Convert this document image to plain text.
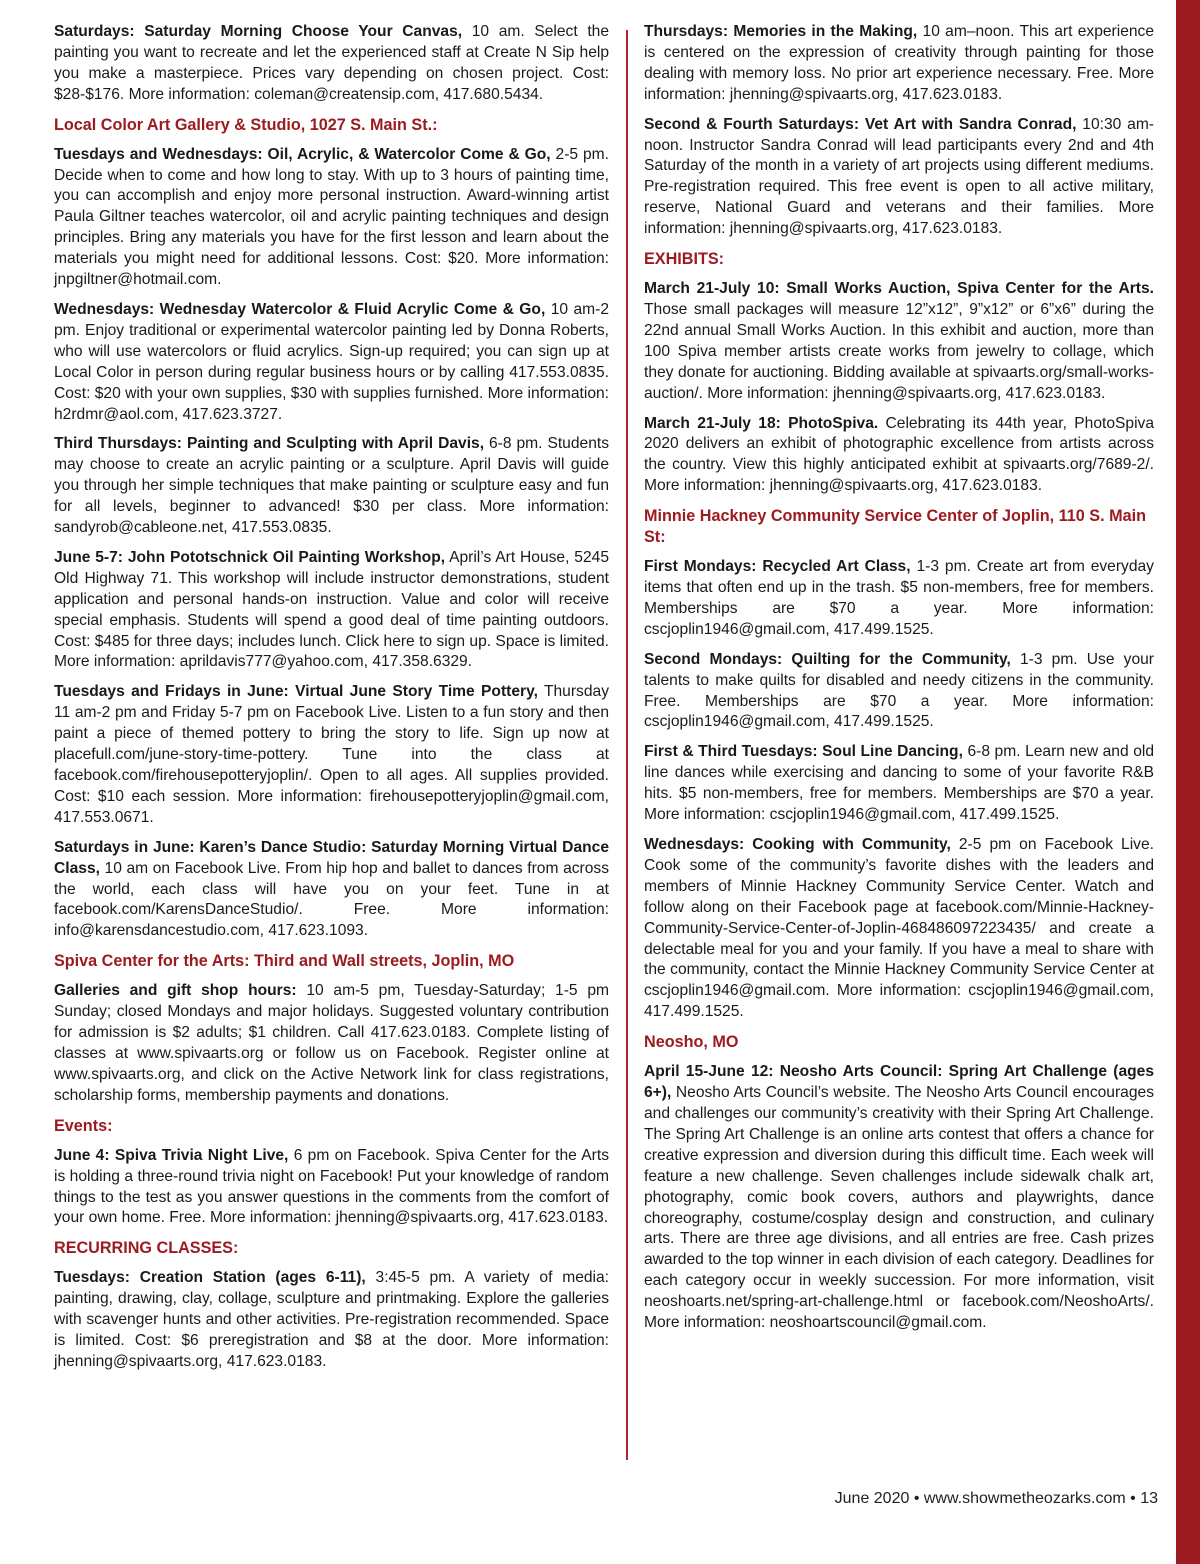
Saturdays: Saturday Morning Choose Your Canvas, 10 am. Select the painting you want to recreate and let the experienced staff at Create N Sip help you make a masterpiece. Prices vary depending on chosen project. Cost: $28-$176. More information: coleman@creatensip.com, 417.680.5434.

Local Color Art Gallery & Studio, 1027 S. Main St.:

Tuesdays and Wednesdays: Oil, Acrylic, & Watercolor Come & Go, 2-5 pm. Decide when to come and how long to stay. With up to 3 hours of painting time, you can accomplish and enjoy more personal instruction. Award-winning artist Paula Giltner teaches watercolor, oil and acrylic painting techniques and design principles. Bring any materials you have for the first lesson and learn about the materials you might need for additional lessons. Cost: $20. More information: jnpgiltner@hotmail.com.

Wednesdays: Wednesday Watercolor & Fluid Acrylic Come & Go, 10 am-2 pm. Enjoy traditional or experimental watercolor painting led by Donna Roberts, who will use watercolors or fluid acrylics. Sign-up required; you can sign up at Local Color in person during regular business hours or by calling 417.553.0835. Cost: $20 with your own supplies, $30 with supplies furnished. More information: h2rdmr@aol.com, 417.623.3727.

Third Thursdays: Painting and Sculpting with April Davis, 6-8 pm. Students may choose to create an acrylic painting or a sculpture. April Davis will guide you through her simple techniques that make painting or sculpture easy and fun for all levels, beginner to advanced! $30 per class. More information: sandyrob@cableone.net, 417.553.0835.

June 5-7: John Pototschnick Oil Painting Workshop, April’s Art House, 5245 Old Highway 71. This workshop will include instructor demonstrations, student application and personal hands-on instruction. Value and color will receive special emphasis. Students will spend a good deal of time painting outdoors. Cost: $485 for three days; includes lunch. Click here to sign up. Space is limited. More information: aprildavis777@yahoo.com, 417.358.6329.

Tuesdays and Fridays in June: Virtual June Story Time Pottery, Thursday 11 am-2 pm and Friday 5-7 pm on Facebook Live. Listen to a fun story and then paint a piece of themed pottery to bring the story to life. Sign up now at placefull.com/june-story-time-pottery. Tune into the class at facebook.com/firehousepotteryjoplin/. Open to all ages. All supplies provided. Cost: $10 each session. More information: firehousepotteryjoplin@gmail.com, 417.553.0671.

Saturdays in June: Karen’s Dance Studio: Saturday Morning Virtual Dance Class, 10 am on Facebook Live. From hip hop and ballet to dances from across the world, each class will have you on your feet. Tune in at facebook.com/KarensDanceStudio/. Free. More information: info@karensdancestudio.com, 417.623.1093.

Spiva Center for the Arts: Third and Wall streets, Joplin, MO

Galleries and gift shop hours: 10 am-5 pm, Tuesday-Saturday; 1-5 pm Sunday; closed Mondays and major holidays. Suggested voluntary contribution for admission is $2 adults; $1 children. Call 417.623.0183. Complete listing of classes at www.spivaarts.org or follow us on Facebook. Register online at www.spivaarts.org, and click on the Active Network link for class registrations, scholarship forms, membership payments and donations.

Events:

June 4: Spiva Trivia Night Live, 6 pm on Facebook. Spiva Center for the Arts is holding a three-round trivia night on Facebook! Put your knowledge of random things to the test as you answer questions in the comments from the comfort of your own home. Free. More information: jhenning@spivaarts.org, 417.623.0183.

RECURRING CLASSES:

Tuesdays: Creation Station (ages 6-11), 3:45-5 pm. A variety of media: painting, drawing, clay, collage, sculpture and printmaking. Explore the galleries with scavenger hunts and other activities. Pre-registration recommended. Space is limited. Cost: $6 preregistration and $8 at the door. More information: jhenning@spivaarts.org, 417.623.0183.

Thursdays: Memories in the Making, 10 am–noon. This art experience is centered on the expression of creativity through painting for those dealing with memory loss. No prior art experience necessary. Free. More information: jhenning@spivaarts.org, 417.623.0183.

Second & Fourth Saturdays: Vet Art with Sandra Conrad, 10:30 am-noon. Instructor Sandra Conrad will lead participants every 2nd and 4th Saturday of the month in a variety of art projects using different mediums. Pre-registration required. This free event is open to all active military, reserve, National Guard and veterans and their families. More information: jhenning@spivaarts.org, 417.623.0183.

EXHIBITS:

March 21-July 10: Small Works Auction, Spiva Center for the Arts. Those small packages will measure 12”x12”, 9”x12” or 6”x6” during the 22nd annual Small Works Auction. In this exhibit and auction, more than 100 Spiva member artists create works from jewelry to collage, which they donate for auctioning. Bidding available at spivaarts.org/small-works-auction/. More information: jhenning@spivaarts.org, 417.623.0183.

March 21-July 18: PhotoSpiva. Celebrating its 44th year, PhotoSpiva 2020 delivers an exhibit of photographic excellence from artists across the country. View this highly anticipated exhibit at spivaarts.org/7689-2/. More information: jhenning@spivaarts.org, 417.623.0183.

Minnie Hackney Community Service Center of Joplin, 110 S. Main St:

First Mondays: Recycled Art Class, 1-3 pm. Create art from everyday items that often end up in the trash. $5 non-members, free for members. Memberships are $70 a year. More information: cscjoplin1946@gmail.com, 417.499.1525.

Second Mondays: Quilting for the Community, 1-3 pm. Use your talents to make quilts for disabled and needy citizens in the community. Free. Memberships are $70 a year. More information: cscjoplin1946@gmail.com, 417.499.1525.

First & Third Tuesdays: Soul Line Dancing, 6-8 pm. Learn new and old line dances while exercising and dancing to some of your favorite R&B hits. $5 non-members, free for members. Memberships are $70 a year. More information: cscjoplin1946@gmail.com, 417.499.1525.

Wednesdays: Cooking with Community, 2-5 pm on Facebook Live. Cook some of the community’s favorite dishes with the leaders and members of Minnie Hackney Community Service Center. Watch and follow along on their Facebook page at facebook.com/Minnie-Hackney-Community-Service-Center-of-Joplin-468486097223435/ and create a delectable meal for you and your family. If you have a meal to share with the community, contact the Minnie Hackney Community Service Center at cscjoplin1946@gmail.com. More information: cscjoplin1946@gmail.com, 417.499.1525.

Neosho, MO

April 15-June 12: Neosho Arts Council: Spring Art Challenge (ages 6+), Neosho Arts Council’s website. The Neosho Arts Council encourages and challenges our community’s creativity with their Spring Art Challenge. The Spring Art Challenge is an online arts contest that offers a chance for creative expression and diversion during this difficult time. Each week will feature a new challenge. Seven challenges include sidewalk chalk art, photography, comic book covers, authors and playwrights, dance choreography, costume/cosplay design and construction, and culinary arts. There are three age divisions, and all entries are free. Cash prizes awarded to the top winner in each division of each category. Deadlines for each category occur in weekly succession. For more information, visit neoshoarts.net/spring-art-challenge.html or facebook.com/NeoshoArts/. More information: neoshoartscouncil@gmail.com.

June 2020 • www.showmetheozarks.com • 13
